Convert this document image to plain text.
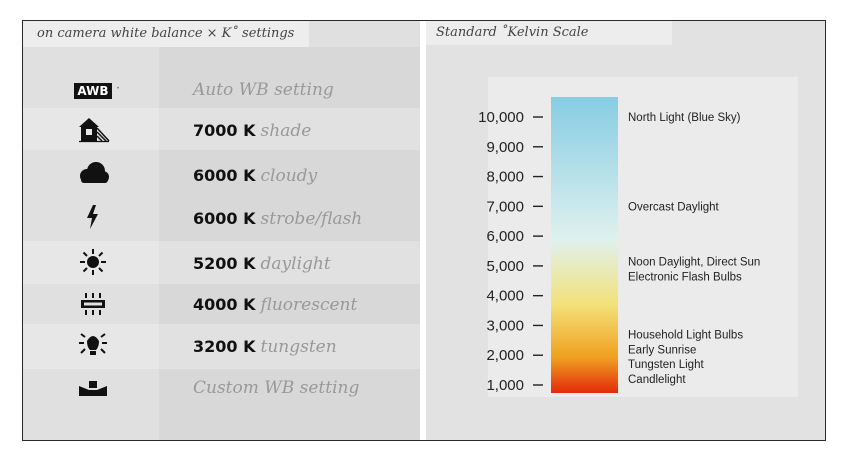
on camera white balance × K˚ settings
AWB	•	Auto WB setting
7000 K shade
6000 K cloudy
6000 K strobe/flash
5200 K daylight
4000 K fluorescent
3200 K tungsten
Custom WB setting
Standard ˚Kelvin Scale
10,000
9,000
8,000
7,000
6,000
5,000
4,000
3,000
2,000
1,000
North Light (Blue Sky)
Overcast Daylight
Noon Daylight, Direct Sun
Electronic Flash Bulbs
Household Light Bulbs
Early Sunrise
Tungsten Light
Candlelight
